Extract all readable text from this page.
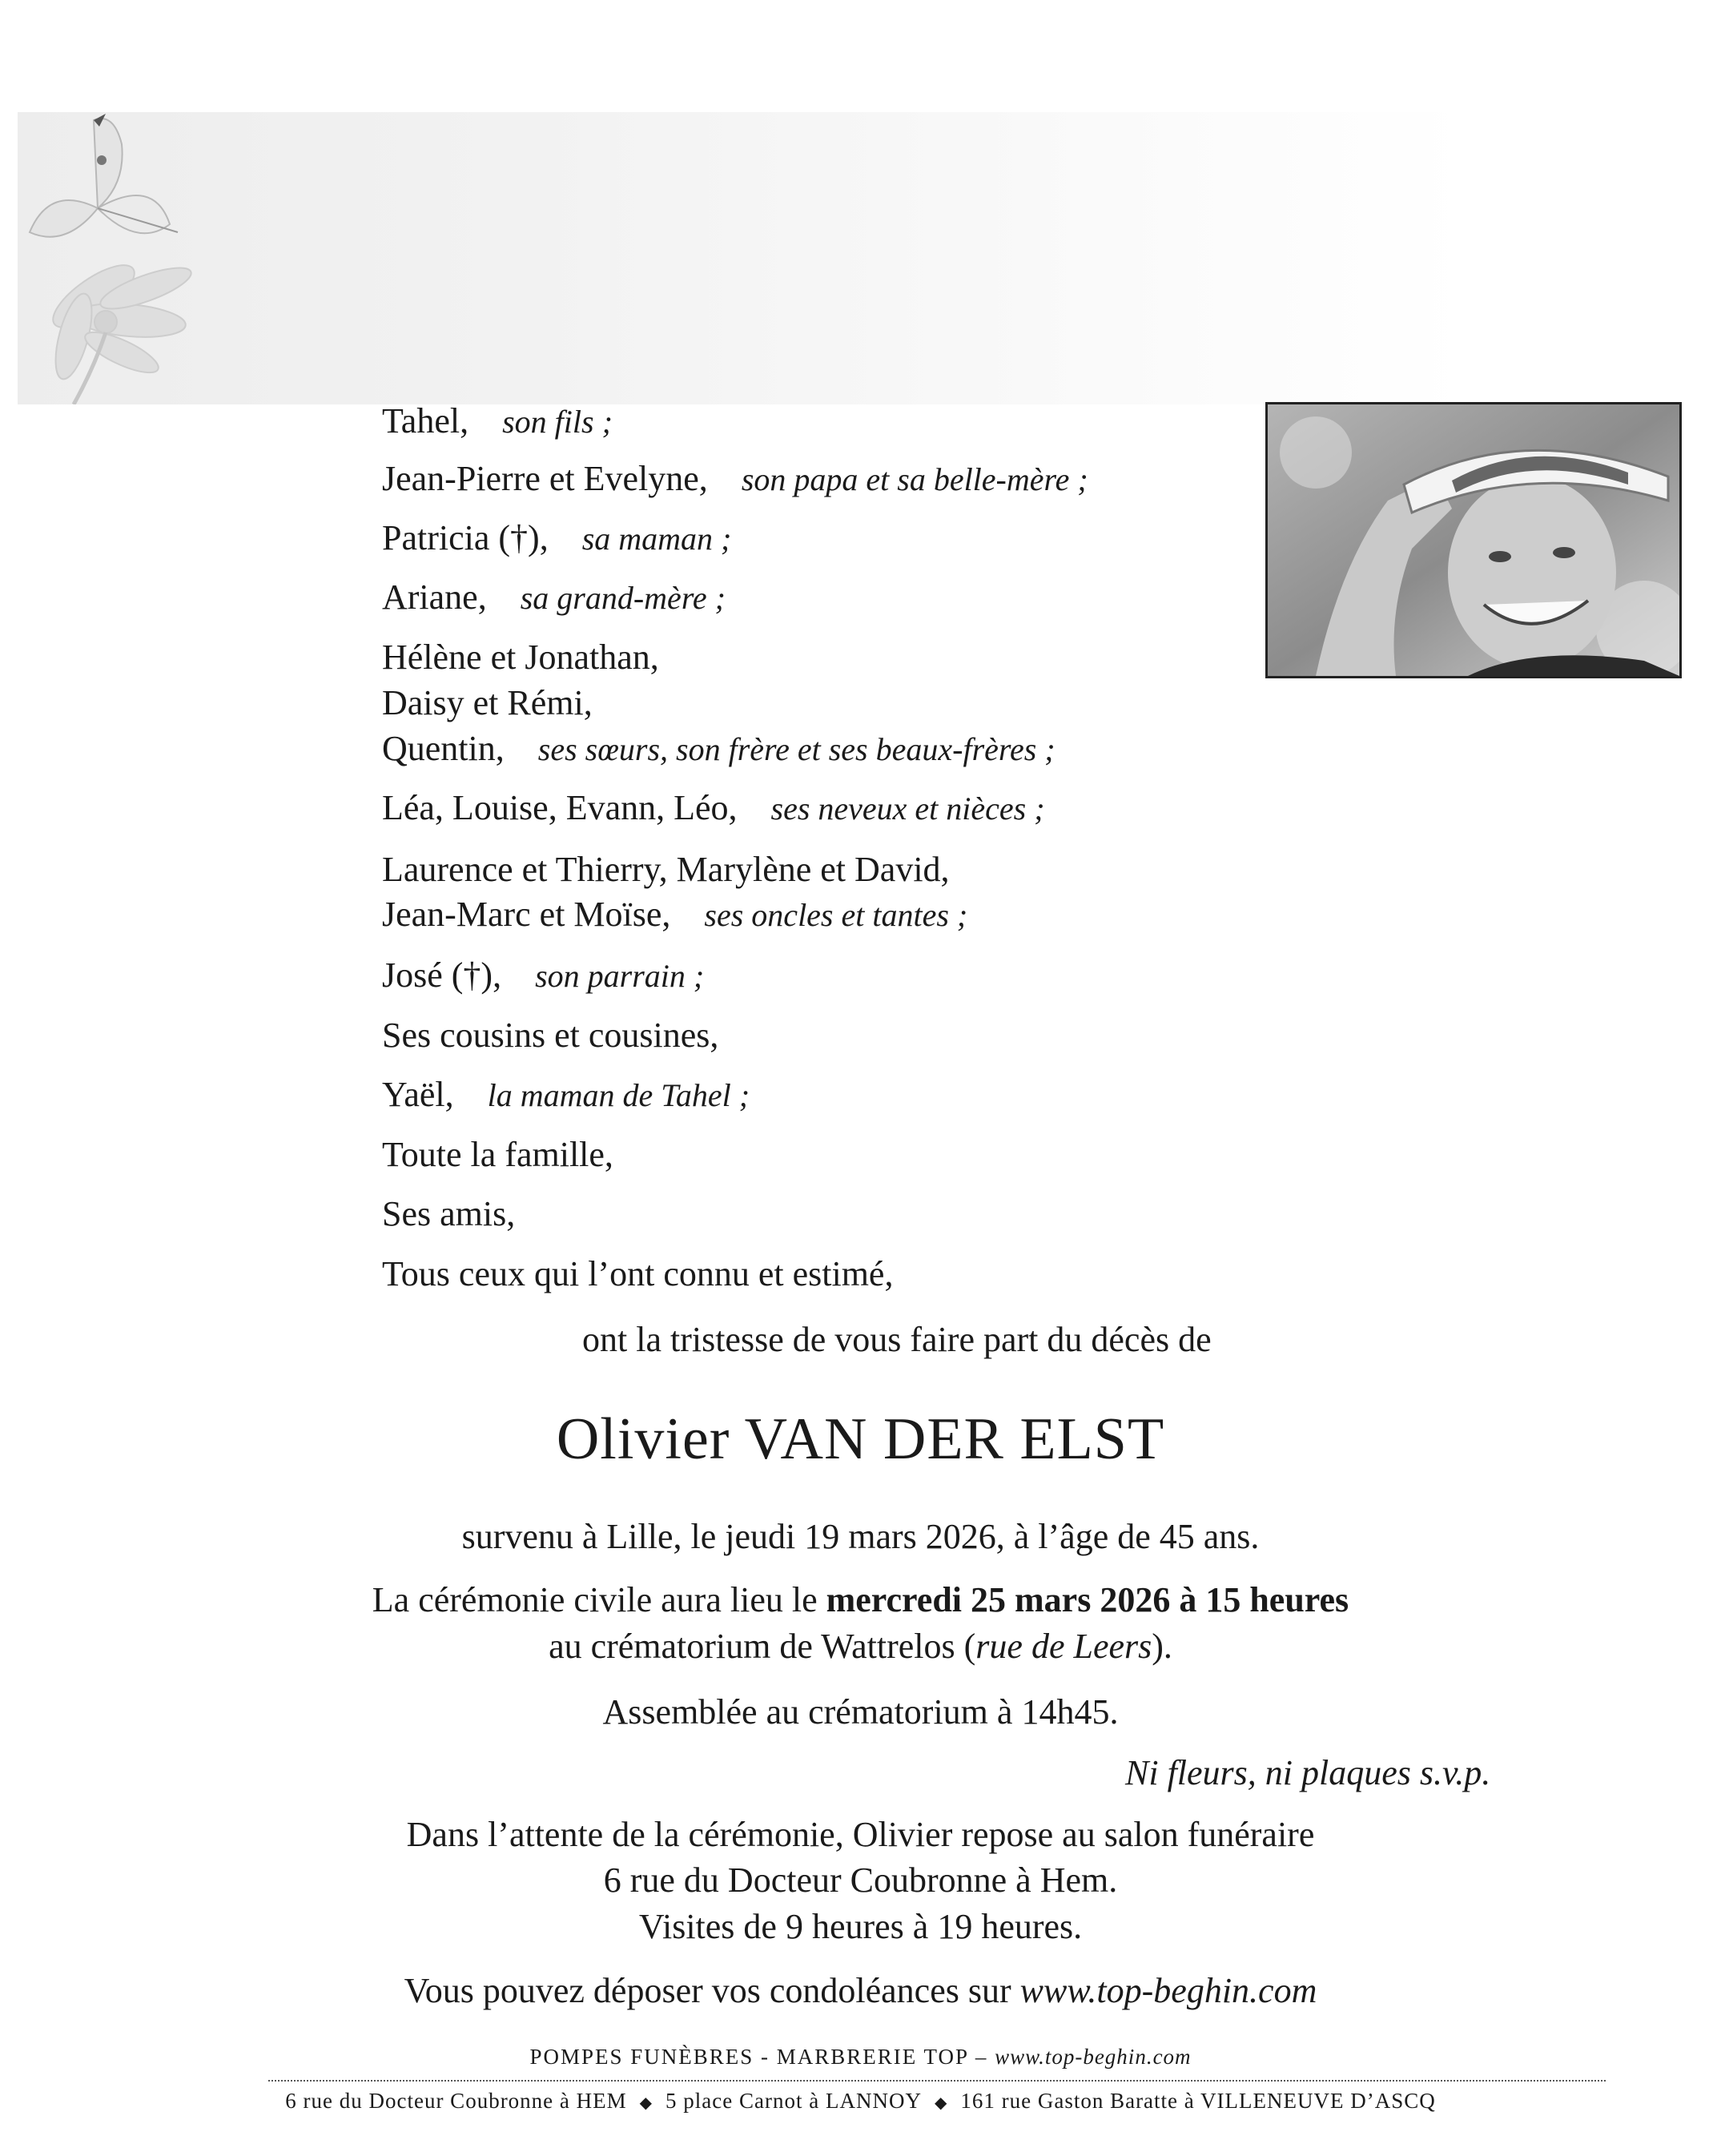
Tahel, son fils ;
Jean-Pierre et Evelyne, son papa et sa belle-mère ;
Patricia (†), sa maman ;
Ariane, sa grand-mère ;
Hélène et Jonathan,
Daisy et Rémi,
Quentin, ses sœurs, son frère et ses beaux-frères ;
Léa, Louise, Evann, Léo, ses neveux et nièces ;
Laurence et Thierry, Marylène et David,
Jean-Marc et Moïse, ses oncles et tantes ;
José (†), son parrain ;
Ses cousins et cousines,
Yaël, la maman de Tahel ;
Toute la famille,
Ses amis,
Tous ceux qui l’ont connu et estimé,
ont la tristesse de vous faire part du décès de
Olivier VAN DER ELST
survenu à Lille, le jeudi 19 mars 2026, à l’âge de 45 ans.
La cérémonie civile aura lieu le mercredi 25 mars 2026 à 15 heures
au crématorium de Wattrelos (rue de Leers).
Assemblée au crématorium à 14h45.
Ni fleurs, ni plaques s.v.p.
Dans l’attente de la cérémonie, Olivier repose au salon funéraire
6 rue du Docteur Coubronne à Hem.
Visites de 9 heures à 19 heures.
Vous pouvez déposer vos condoléances sur www.top-beghin.com
POMPES FUNÈBRES - MARBRERIE TOP – www.top-beghin.com
6 rue du Docteur Coubronne à HEM ◆ 5 place Carnot à LANNOY ◆ 161 rue Gaston Baratte à VILLENEUVE D’ASCQ
